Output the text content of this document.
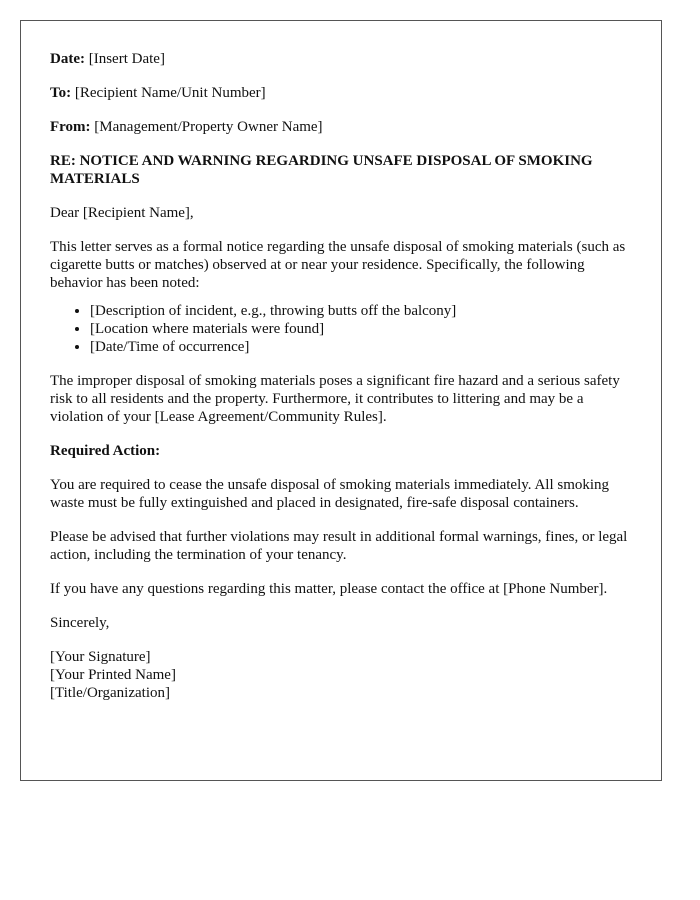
Date: [Insert Date]

To: [Recipient Name/Unit Number]

From: [Management/Property Owner Name]

RE: NOTICE AND WARNING REGARDING UNSAFE DISPOSAL OF SMOKING MATERIALS

Dear [Recipient Name],

This letter serves as a formal notice regarding the unsafe disposal of smoking materials (such as cigarette butts or matches) observed at or near your residence. Specifically, the following behavior has been noted:

• [Description of incident, e.g., throwing butts off the balcony]
• [Location where materials were found]
• [Date/Time of occurrence]

The improper disposal of smoking materials poses a significant fire hazard and a serious safety risk to all residents and the property. Furthermore, it contributes to littering and may be a violation of your [Lease Agreement/Community Rules].

Required Action:

You are required to cease the unsafe disposal of smoking materials immediately. All smoking waste must be fully extinguished and placed in designated, fire-safe disposal containers.

Please be advised that further violations may result in additional formal warnings, fines, or legal action, including the termination of your tenancy.

If you have any questions regarding this matter, please contact the office at [Phone Number].

Sincerely,

[Your Signature]
[Your Printed Name]
[Title/Organization]
